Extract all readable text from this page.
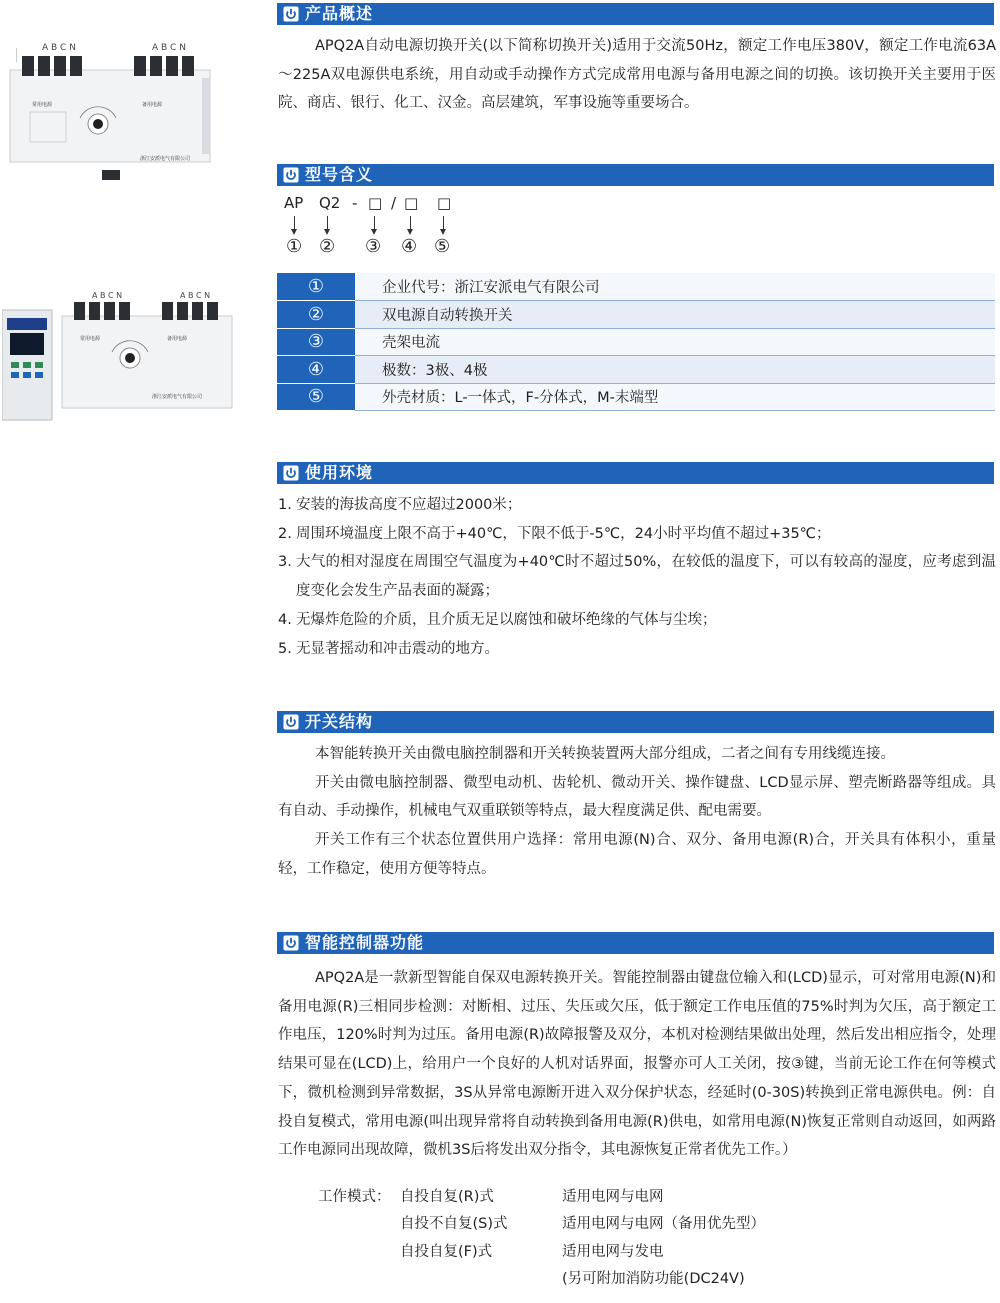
A B C N	A B C N
常用电源	备用电源
浙江安派电气有限公司
A B C N	A B C N
常用电源	备用电源
浙江安派电气有限公司
产品概述

APQ2A自动电源切换开关(以下简称切换开关)适用于交流50Hz，额定工作电压380V，额定工作电流63A～225A双电源供电系统，用自动或手动操作方式完成常用电源与备用电源之间的切换。该切换开关主要用于医院、商店、银行、化工、汉金。高层建筑，军事设施等重要场合。

型号含义
AP Q2 - □ / □ □
① ② ③ ④ ⑤
①	企业代号：浙江安派电气有限公司
②	双电源自动转换开关
③	壳架电流
④	极数：3极、4极
⑤	外壳材质：L-一体式，F-分体式，M-末端型
使用环境
1. 安装的海拔高度不应超过2000米；
2. 周围环境温度上限不高于+40℃，下限不低于-5℃，24小时平均值不超过+35℃；
3. 大气的相对湿度在周围空气温度为+40℃时不超过50%，在较低的温度下，可以有较高的湿度，应考虑到温度变化会发生产品表面的凝露；
4. 无爆炸危险的介质，且介质无足以腐蚀和破坏绝缘的气体与尘埃；
5. 无显著摇动和冲击震动的地方。
开关结构

本智能转换开关由微电脑控制器和开关转换装置两大部分组成，二者之间有专用线缆连接。

开关由微电脑控制器、微型电动机、齿轮机、微动开关、操作键盘、LCD显示屏、塑壳断路器等组成。具有自动、手动操作，机械电气双重联锁等特点，最大程度满足供、配电需要。

开关工作有三个状态位置供用户选择：常用电源(N)合、双分、备用电源(R)合，开关具有体积小，重量轻，工作稳定，使用方便等特点。

智能控制器功能

APQ2A是一款新型智能自保双电源转换开关。智能控制器由键盘位输入和(LCD)显示，可对常用电源(N)和备用电源(R)三相同步检测：对断相、过压、失压或欠压，低于额定工作电压值的75%时判为欠压，高于额定工作电压，120%时判为过压。备用电源(R)故障报警及双分，本机对检测结果做出处理，然后发出相应指令，处理结果可显在(LCD)上，给用户一个良好的人机对话界面，报警亦可人工关闭，按③键，当前无论工作在何等模式下，微机检测到异常数据，3S从异常电源断开进入双分保护状态，经延时(0-30S)转换到正常电源供电。例：自投自复模式，常用电源(叫出现异常将自动转换到备用电源(R)供电，如常用电源(N)恢复正常则自动返回，如两路工作电源同出现故障，微机3S后将发出双分指令，其电源恢复正常者优先工作。）

工作模式： 自投自复(R)式	适用电网与电网
自投不自复(S)式	适用电网与电网（备用优先型）
自投自复(F)式	适用电网与发电
(另可附加消防功能(DC24V)
